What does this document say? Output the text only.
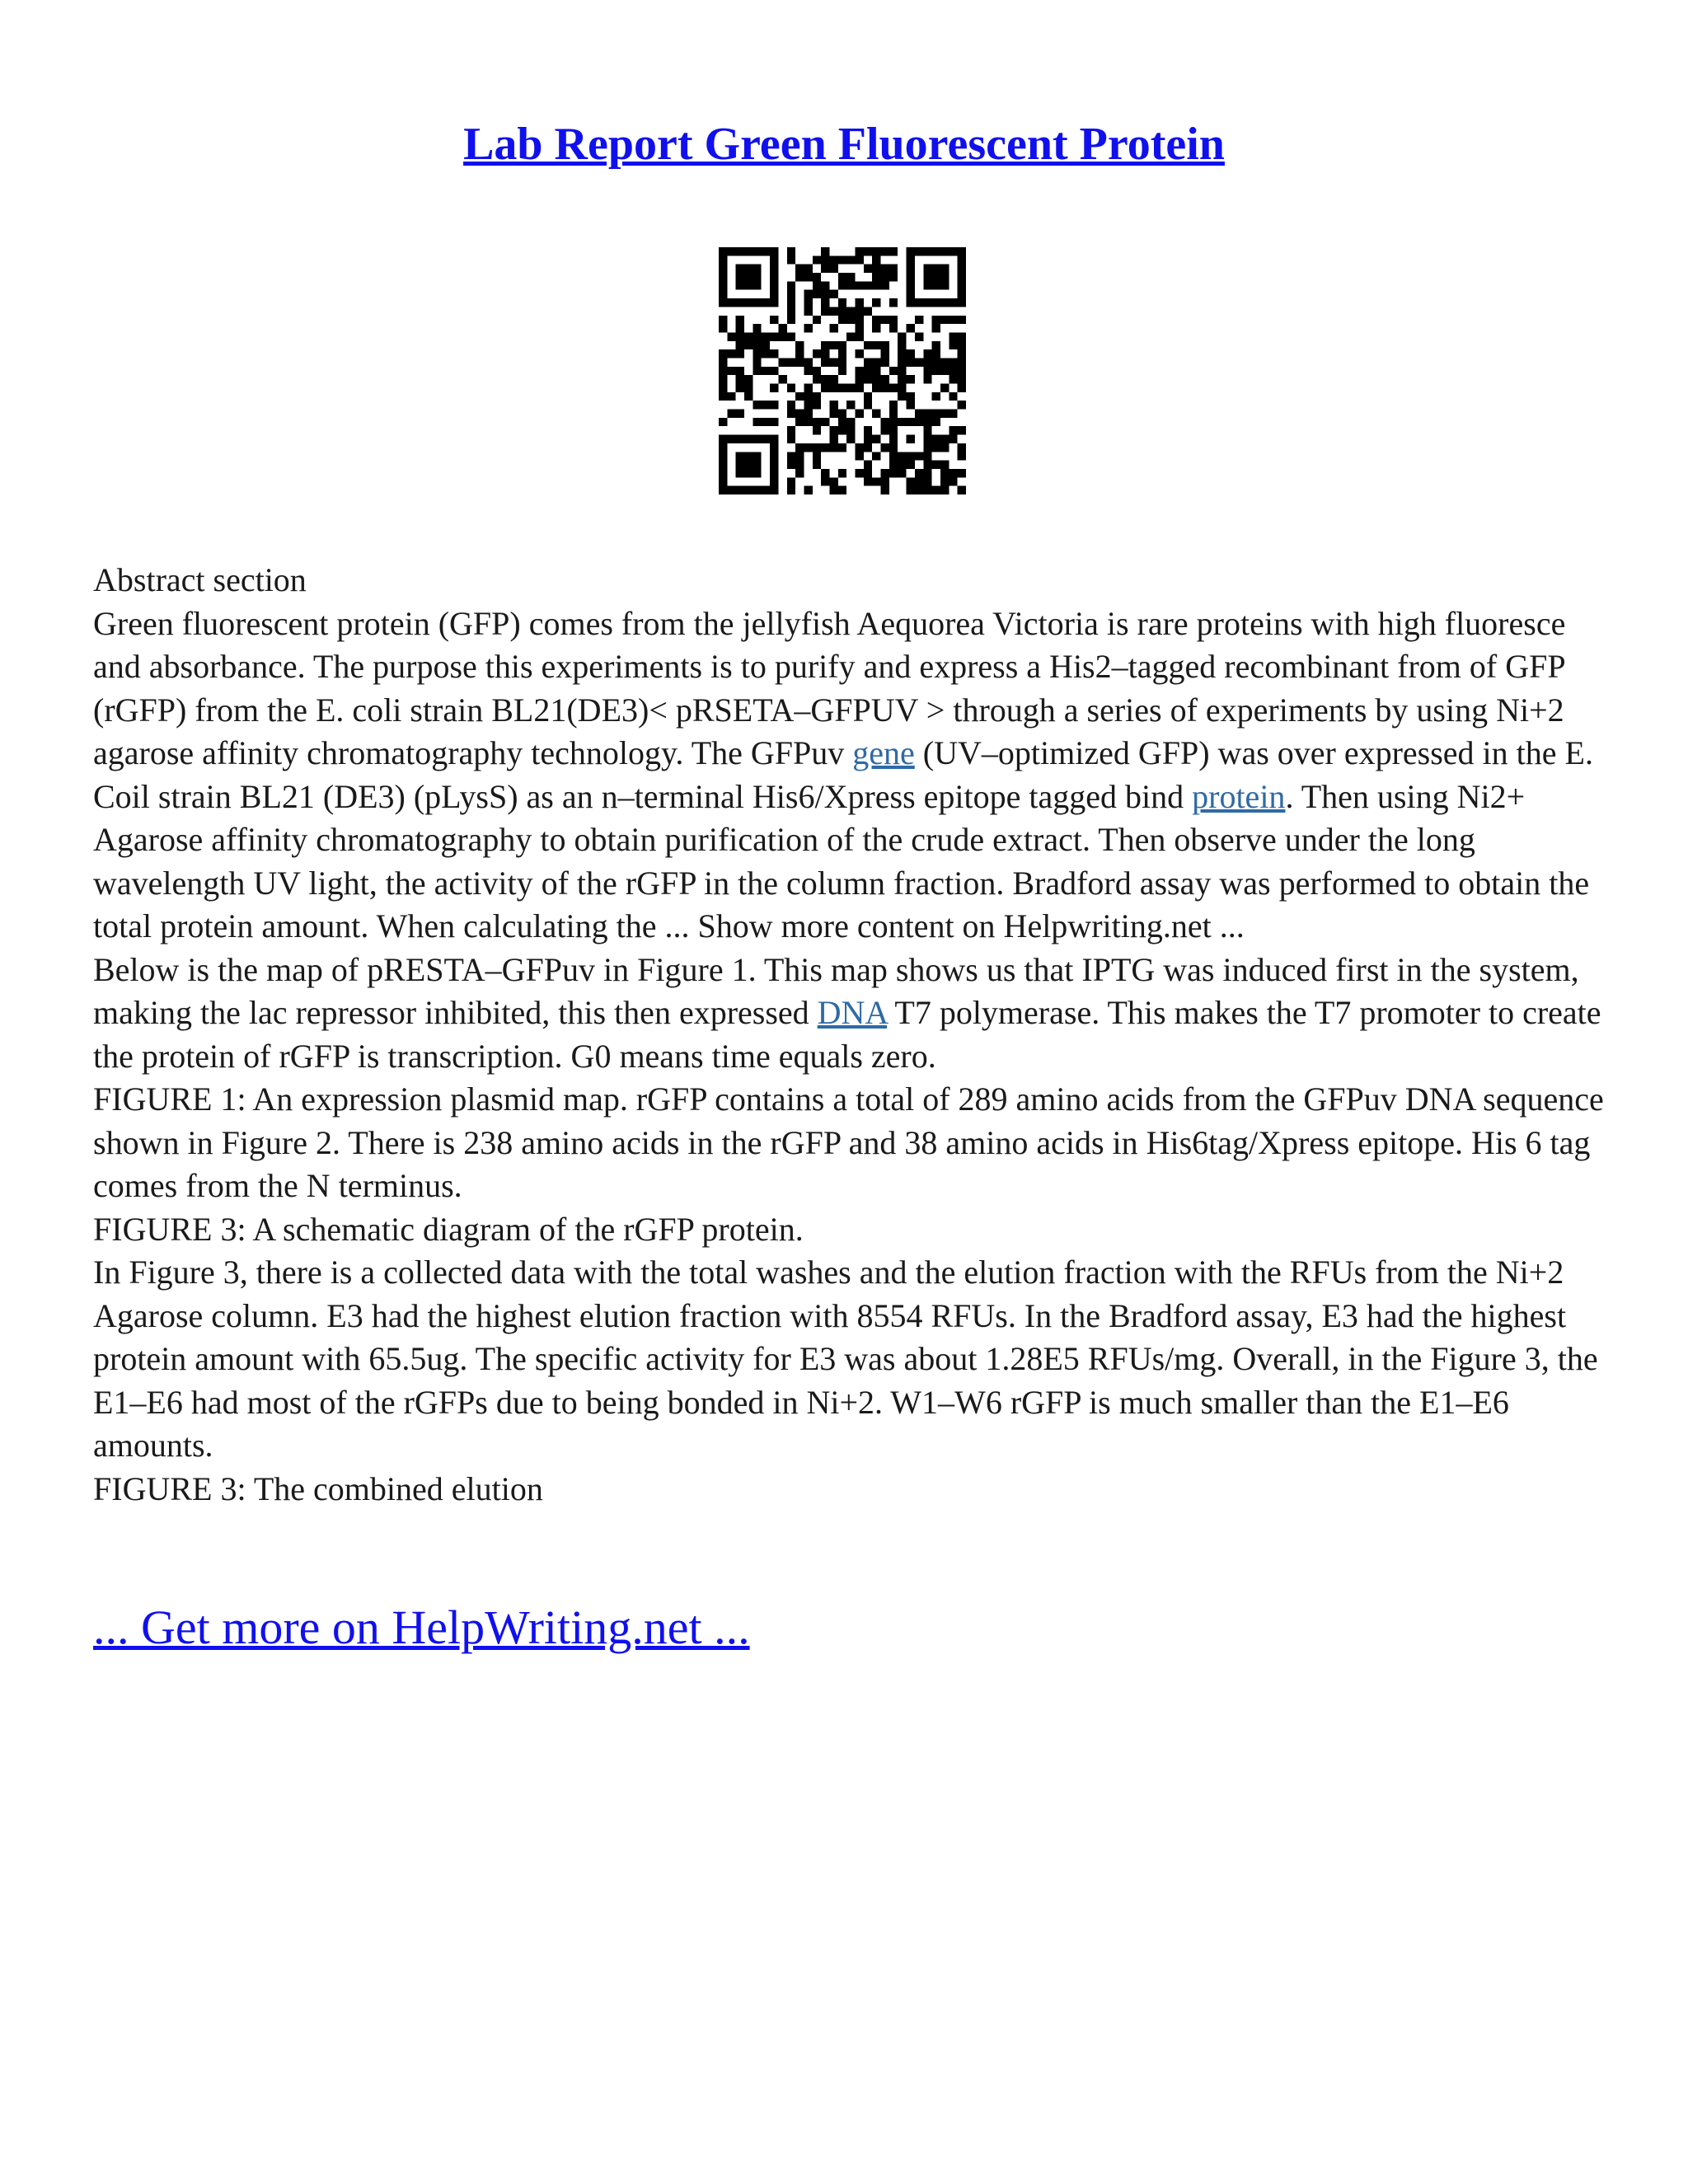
Lab Report Green Fluorescent Protein

Abstract section

Green fluorescent protein (GFP) comes from the jellyfish Aequorea Victoria is rare proteins with high fluoresce and absorbance. The purpose this experiments is to purify and express a His2–tagged recombinant from of GFP (rGFP) from the E. coli strain BL21(DE3)< pRSETA–GFPUV > through a series of experiments by using Ni+2 agarose affinity chromatography technology. The GFPuv gene (UV–optimized GFP) was over expressed in the E. Coil strain BL21 (DE3) (pLysS) as an n–terminal His6/Xpress epitope tagged bind protein. Then using Ni2+ Agarose affinity chromatography to obtain purification of the crude extract. Then observe under the long wavelength UV light, the activity of the rGFP in the column fraction. Bradford assay was performed to obtain the total protein amount. When calculating the ... Show more content on Helpwriting.net ...

Below is the map of pRESTA–GFPuv in Figure 1. This map shows us that IPTG was induced first in the system, making the lac repressor inhibited, this then expressed DNA T7 polymerase. This makes the T7 promoter to create the protein of rGFP is transcription. G0 means time equals zero.

FIGURE 1: An expression plasmid map. rGFP contains a total of 289 amino acids from the GFPuv DNA sequence shown in Figure 2. There is 238 amino acids in the rGFP and 38 amino acids in His6tag/Xpress epitope. His 6 tag comes from the N terminus.

FIGURE 3: A schematic diagram of the rGFP protein.

In Figure 3, there is a collected data with the total washes and the elution fraction with the RFUs from the Ni+2 Agarose column. E3 had the highest elution fraction with 8554 RFUs. In the Bradford assay, E3 had the highest protein amount with 65.5ug. The specific activity for E3 was about 1.28E5 RFUs/mg. Overall, in the Figure 3, the E1–E6 had most of the rGFPs due to being bonded in Ni+2. W1–W6 rGFP is much smaller than the E1–E6 amounts.

FIGURE 3: The combined elution

... Get more on HelpWriting.net ...
